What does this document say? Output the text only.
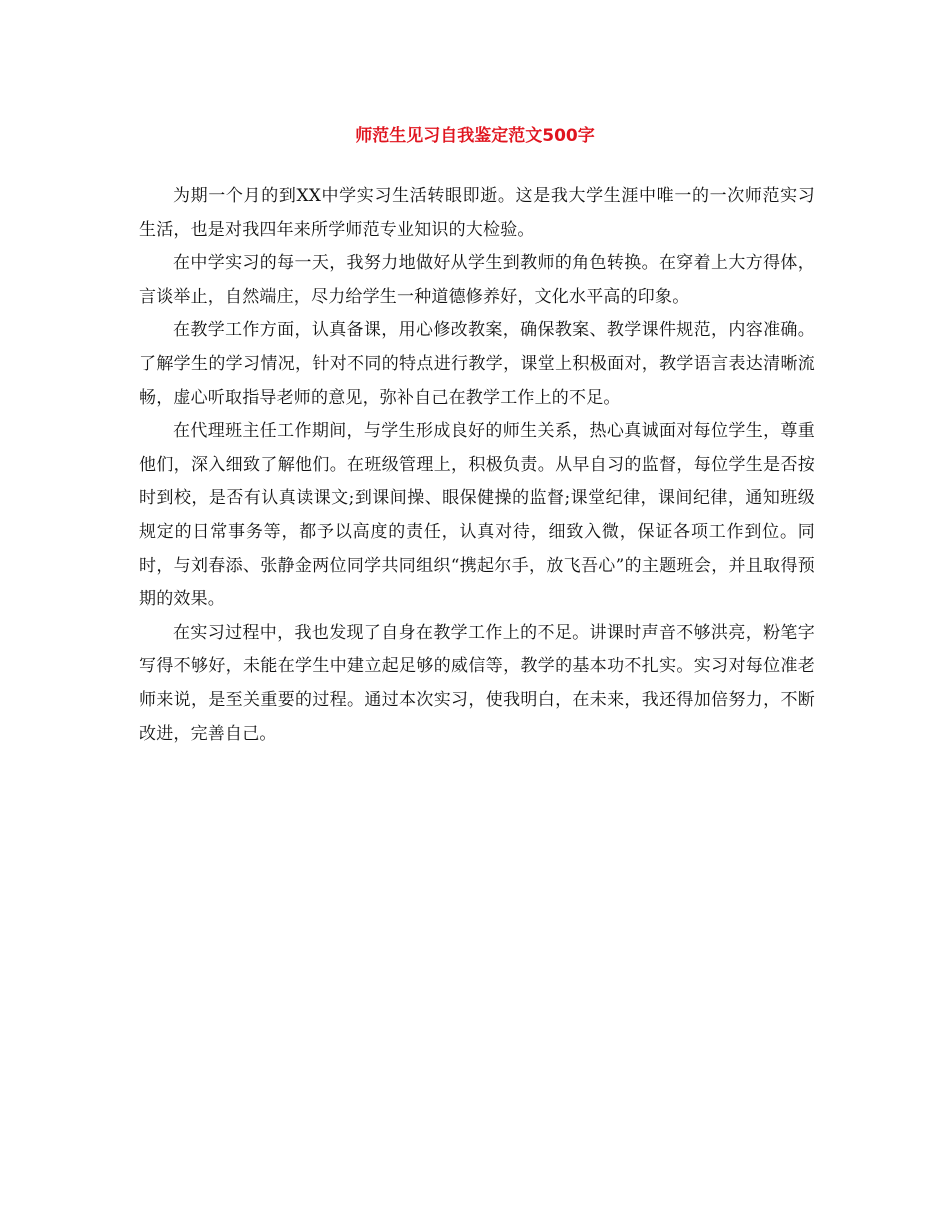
师范生见习自我鉴定范文500字

为期一个月的到XX中学实习生活转眼即逝。这是我大学生涯中唯一的一次师范实习生活，也是对我四年来所学师范专业知识的大检验。

在中学实习的每一天，我努力地做好从学生到教师的角色转换。在穿着上大方得体，言谈举止，自然端庄，尽力给学生一种道德修养好，文化水平高的印象。

在教学工作方面，认真备课，用心修改教案，确保教案、教学课件规范，内容准确。了解学生的学习情况，针对不同的特点进行教学，课堂上积极面对，教学语言表达清晰流畅，虚心听取指导老师的意见，弥补自己在教学工作上的不足。

在代理班主任工作期间，与学生形成良好的师生关系，热心真诚面对每位学生，尊重他们，深入细致了解他们。在班级管理上，积极负责。从早自习的监督，每位学生是否按时到校，是否有认真读课文;到课间操、眼保健操的监督;课堂纪律，课间纪律，通知班级规定的日常事务等，都予以高度的责任，认真对待，细致入微，保证各项工作到位。同时，与刘春添、张静金两位同学共同组织“携起尔手，放飞吾心”的主题班会，并且取得预期的效果。

在实习过程中，我也发现了自身在教学工作上的不足。讲课时声音不够洪亮，粉笔字写得不够好，未能在学生中建立起足够的威信等，教学的基本功不扎实。实习对每位准老师来说，是至关重要的过程。通过本次实习，使我明白，在未来，我还得加倍努力，不断改进，完善自己。
